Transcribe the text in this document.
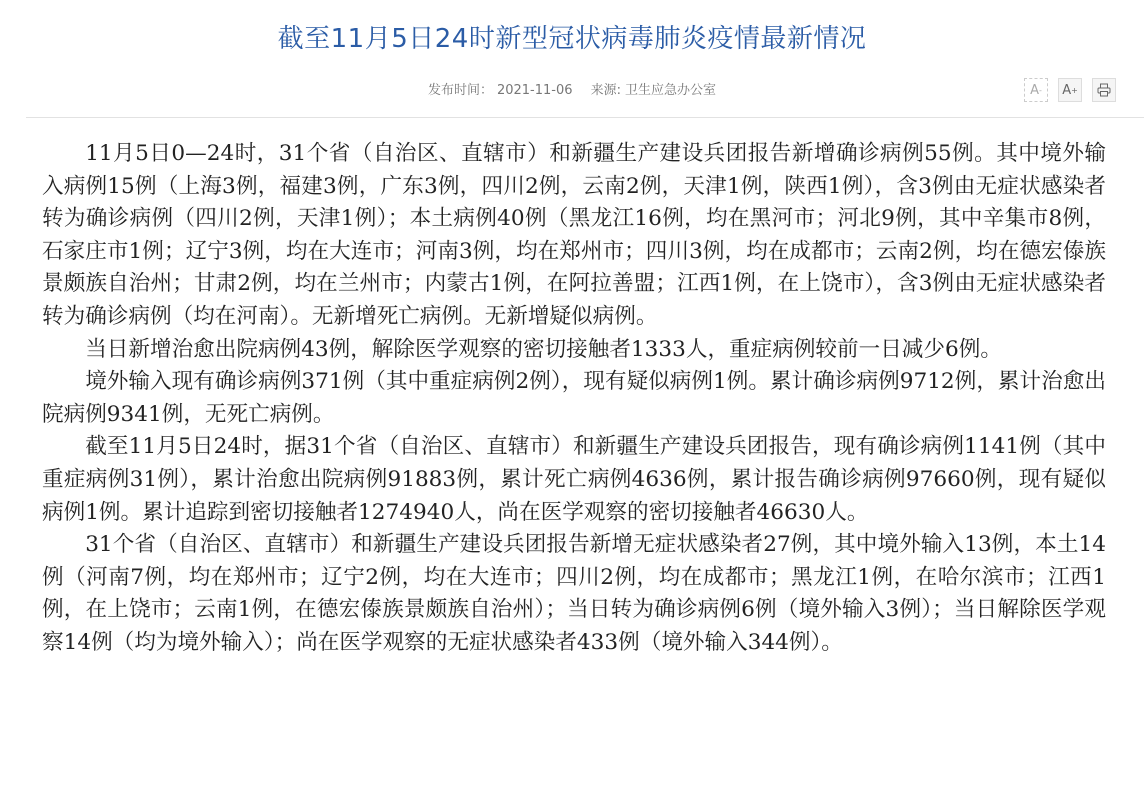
截至11月5日24时新型冠状病毒肺炎疫情最新情况
发布时间： 2021-11-06 来源: 卫生应急办公室	A - A +

11月5日0—24时，31个省（自治区、直辖市）和新疆生产建设兵团报告新增确诊病例55例。其中境外输入病例15例（上海3例，福建3例，广东3例，四川2例，云南2例，天津1例，陕西1例），含3例由无症状感染者转为确诊病例（四川2例，天津1例）；本土病例40例（黑龙江16例，均在黑河市；河北9例，其中辛集市8例，石家庄市1例；辽宁3例，均在大连市；河南3例，均在郑州市；四川3例，均在成都市；云南2例，均在德宏傣族景颇族自治州；甘肃2例，均在兰州市；内蒙古1例，在阿拉善盟；江西1例，在上饶市），含3例由无症状感染者转为确诊病例（均在河南）。无新增死亡病例。无新增疑似病例。

当日新增治愈出院病例43例，解除医学观察的密切接触者1333人，重症病例较前一日减少6例。

境外输入现有确诊病例371例（其中重症病例2例），现有疑似病例1例。累计确诊病例9712例，累计治愈出院病例9341例，无死亡病例。

截至11月5日24时，据31个省（自治区、直辖市）和新疆生产建设兵团报告，现有确诊病例1141例（其中重症病例31例），累计治愈出院病例91883例，累计死亡病例4636例，累计报告确诊病例97660例，现有疑似病例1例。累计追踪到密切接触者1274940人，尚在医学观察的密切接触者46630人。

31个省（自治区、直辖市）和新疆生产建设兵团报告新增无症状感染者27例，其中境外输入13例，本土14例（河南7例，均在郑州市；辽宁2例，均在大连市；四川2例，均在成都市；黑龙江1例，在哈尔滨市；江西1例，在上饶市；云南1例，在德宏傣族景颇族自治州）；当日转为确诊病例6例（境外输入3例）；当日解除医学观察14例（均为境外输入）；尚在医学观察的无症状感染者433例（境外输入344例）。
